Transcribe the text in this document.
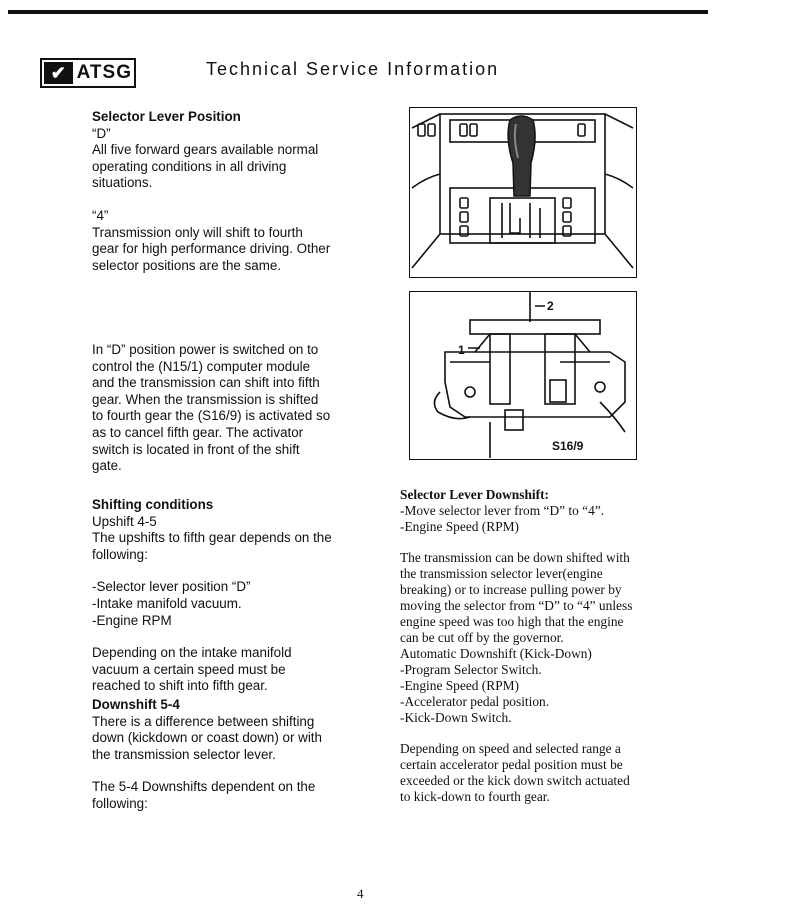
✔ ATSG	Technical Service Information
Selector Lever Position
“D”
All five forward gears available normal
operating conditions in all driving
situations.
“4”
Transmission only will shift to fourth
gear for high performance driving. Other
selector positions are the same.
In “D” position power is switched on to
control the (N15/1) computer module
and the transmission can shift into fifth
gear. When the transmission is shifted
to fourth gear the (S16/9) is activated so
as to cancel fifth gear. The activator
switch is located in front of the shift
gate.
Shifting conditions
Upshift 4-5
The upshifts to fifth gear depends on the
following:
-Selector lever position “D”
-Intake manifold vacuum.
-Engine RPM
Depending on the intake manifold
vacuum a certain speed must be
reached to shift into fifth gear.
Downshift 5-4
There is a difference between shifting
down (kickdown or coast down) or with
the transmission selector lever.
The 5-4 Downshifts dependent on the
following:
2
1
S16/9
Selector Lever Downshift:
-Move selector lever from “D” to “4”.
-Engine Speed (RPM)
The transmission can be down shifted with
the transmission selector lever(engine
breaking) or to increase pulling power by
moving the selector from “D” to “4” unless
engine speed was too high that the engine
can be cut off by the governor.
Automatic Downshift (Kick-Down)
-Program Selector Switch.
-Engine Speed (RPM)
-Accelerator pedal position.
-Kick-Down Switch.
Depending on speed and selected range a
certain accelerator pedal position must be
exceeded or the kick down switch actuated
to kick-down to fourth gear.
4
